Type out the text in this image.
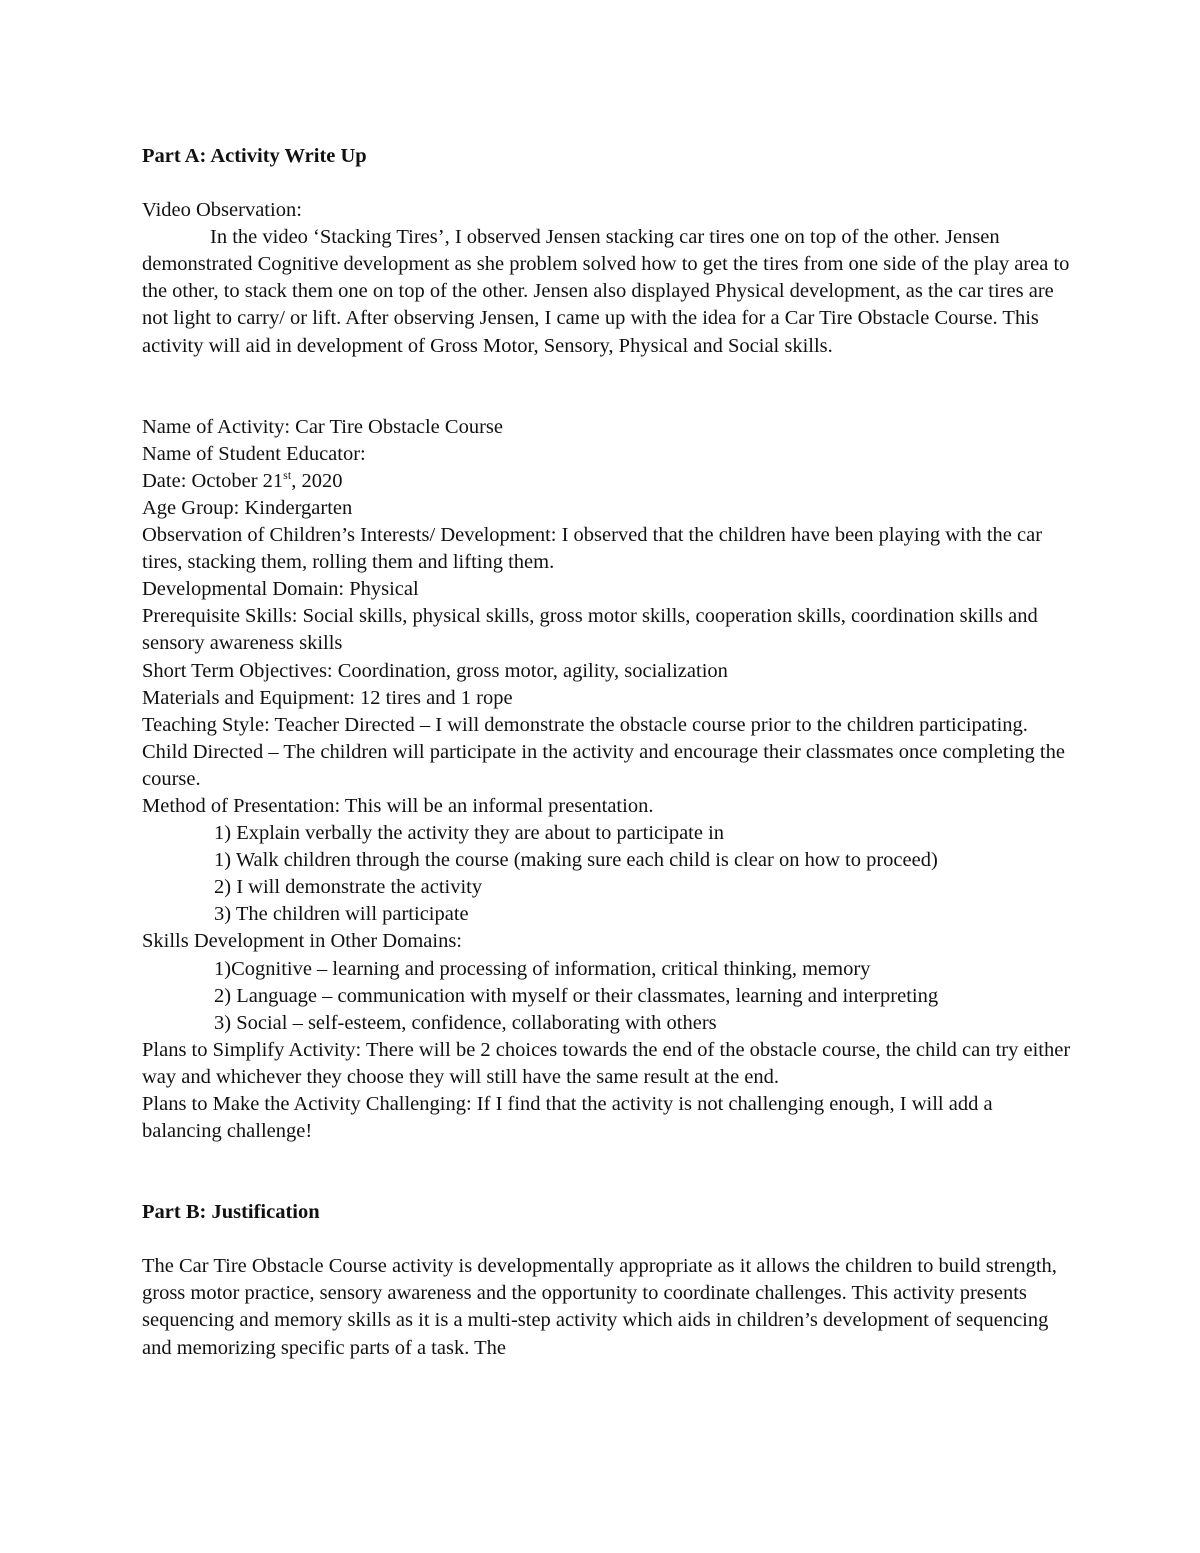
Part A: Activity Write Up

Video Observation:

In the video ‘Stacking Tires’, I observed Jensen stacking car tires one on top of the other. Jensen demonstrated Cognitive development as she problem solved how to get the tires from one side of the play area to the other, to stack them one on top of the other. Jensen also displayed Physical development, as the car tires are not light to carry/ or lift. After observing Jensen, I came up with the idea for a Car Tire Obstacle Course. This activity will aid in development of Gross Motor, Sensory, Physical and Social skills.

Name of Activity: Car Tire Obstacle Course

Name of Student Educator:

Date: October 21st, 2020

Age Group: Kindergarten

Observation of Children’s Interests/ Development: I observed that the children have been playing with the car tires, stacking them, rolling them and lifting them.

Developmental Domain: Physical

Prerequisite Skills: Social skills, physical skills, gross motor skills, cooperation skills, coordination skills and sensory awareness skills

Short Term Objectives: Coordination, gross motor, agility, socialization

Materials and Equipment: 12 tires and 1 rope

Teaching Style: Teacher Directed – I will demonstrate the obstacle course prior to the children participating. Child Directed – The children will participate in the activity and encourage their classmates once completing the course.

Method of Presentation: This will be an informal presentation.

1) Explain verbally the activity they are about to participate in

1) Walk children through the course (making sure each child is clear on how to proceed)

2) I will demonstrate the activity

3) The children will participate

Skills Development in Other Domains:

1)Cognitive – learning and processing of information, critical thinking, memory

2) Language – communication with myself or their classmates, learning and interpreting

3) Social – self-esteem, confidence, collaborating with others

Plans to Simplify Activity: There will be 2 choices towards the end of the obstacle course, the child can try either way and whichever they choose they will still have the same result at the end.

Plans to Make the Activity Challenging: If I find that the activity is not challenging enough, I will add a balancing challenge!

Part B: Justification

The Car Tire Obstacle Course activity is developmentally appropriate as it allows the children to build strength, gross motor practice, sensory awareness and the opportunity to coordinate challenges. This activity presents sequencing and memory skills as it is a multi-step activity which aids in children’s development of sequencing and memorizing specific parts of a task. The
